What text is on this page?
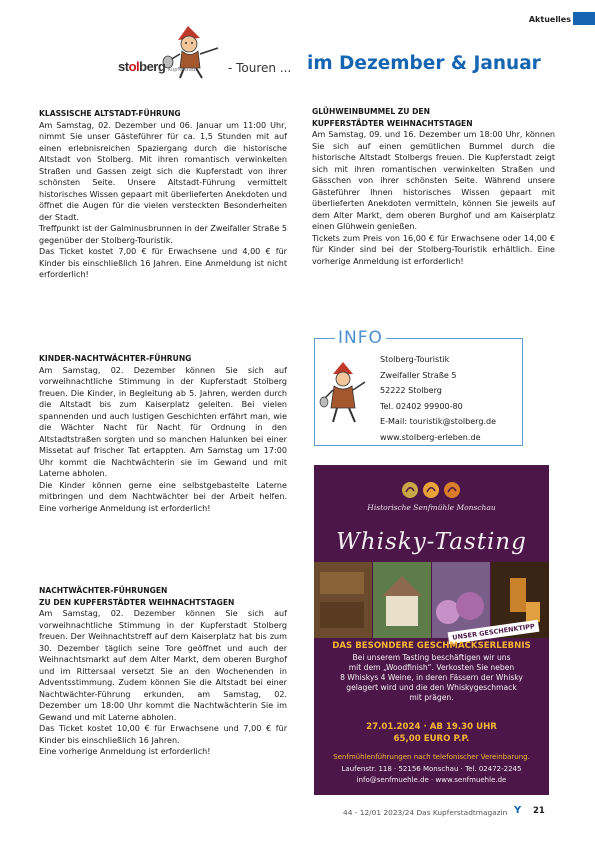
Aktuelles
stolberg Kupferstadt	- Touren ... im Dezember & Januar

KLASSISCHE ALTSTADT-FÜHRUNG

Am Samstag, 02. Dezember und 06. Januar um 11:00 Uhr, nimmt Sie unser Gästeführer für ca. 1,5 Stunden mit auf einen erlebnisreichen Spaziergang durch die historische Altstadt von Stolberg. Mit ihren romantisch verwinkelten Straßen und Gassen zeigt sich die Kupferstadt von ihrer schönsten Seite. Unsere Altstadt-Führung vermittelt historisches Wissen gepaart mit überlieferten Anekdoten und öffnet die Augen für die vielen versteckten Besonderheiten der Stadt.
Treffpunkt ist der Galminusbrunnen in der Zweifaller Straße 5 gegenüber der Stolberg-Touristik.
Das Ticket kostet 7,00 € für Erwachsene und 4,00 € für Kinder bis einschließlich 16 Jahren. Eine Anmeldung ist nicht erforderlich!

KINDER-NACHTWÄCHTER-FÜHRUNG

Am Samstag, 02. Dezember können Sie sich auf vorweihnachtliche Stimmung in der Kupferstadt Stolberg freuen. Die Kinder, in Begleitung ab 5. Jahren, werden durch die Altstadt bis zum Kaiserplatz geleiten. Bei vielen spannenden und auch lustigen Geschichten erfährt man, wie die Wächter Nacht für Nacht für Ordnung in den Altstadtstraßen sorgten und so manchen Halunken bei einer Missetat auf frischer Tat ertappten. Am Samstag um 17:00 Uhr kommt die Nachtwächterin sie im Gewand und mit Laterne abholen.
Die Kinder können gerne eine selbstgebastelte Laterne mitbringen und dem Nachtwächter bei der Arbeit helfen. Eine vorherige Anmeldung ist erforderlich!

NACHTWÄCHTER-FÜHRUNGEN

ZU DEN KUPFERSTÄDTER WEIHNACHTSTAGEN

Am Samstag, 02. Dezember können Sie sich auf vorweihnachtliche Stimmung in der Kupferstadt Stolberg freuen. Der Weihnachtstreff auf dem Kaiserplatz hat bis zum 30. Dezember täglich seine Tore geöffnet und auch der Weihnachtsmarkt auf dem Alter Markt, dem oberen Burghof und im Rittersaal versetzt Sie an den Wochenenden in Adventsstimmung. Zudem können Sie die Altstadt bei einer Nachtwächter-Führung erkunden, am Samstag, 02. Dezember um 18:00 Uhr kommt die Nachtwächterin Sie im Gewand und mit Laterne abholen.
Das Ticket kostet 10,00 € für Erwachsene und 7,00 € für Kinder bis einschließlich 16 Jahren.
Eine vorherige Anmeldung ist erforderlich!

GLÜHWEINBUMMEL ZU DEN

KUPFERSTÄDTER WEIHNACHTSTAGEN

Am Samstag, 09. und 16. Dezember um 18:00 Uhr, können Sie sich auf einen gemütlichen Bummel durch die historische Altstadt Stolbergs freuen. Die Kupferstadt zeigt sich mit ihren romantischen verwinkelten Straßen und Gässchen von ihrer schönsten Seite. Während unsere Gästeführer Ihnen historisches Wissen gepaart mit überlieferten Anekdoten vermitteln, können Sie jeweils auf dem Alter Markt, dem oberen Burghof und am Kaiserplatz einen Glühwein genießen.
Tickets zum Preis von 16,00 € für Erwachsene oder 14,00 € für Kinder sind bei der Stolberg-Touristik erhältlich. Eine vorherige Anmeldung ist erforderlich!

INFO
Stolberg-Touristik
Zweifaller Straße 5
52222 Stolberg
Tel. 02402 99900-80
E-Mail: touristik@stolberg.de
www.stolberg-erleben.de
Historische Senfmühle Monschau
Whisky-Tasting
UNSER GESCHENKTIPP
DAS BESONDERE GESCHMACKSERLEBNIS
Bei unserem Tasting beschäftigen wir uns
mit dem „Woodfinish“. Verkosten Sie neben
8 Whiskys 4 Weine, in deren Fässern der Whisky
gelagert wird und die den Whiskygeschmack
mit prägen.
27.01.2024 · AB 19.30 UHR
65,00 EURO P.P.
Senfmühlenführungen nach telefonischer Vereinbarung.
Laufenstr. 118 · 52156 Monschau · Tel. 02472-2245
info@senfmuehle.de · www.senfmuehle.de
44 - 12/01 2023/24 Das Kupferstadtmagazin Y 21
